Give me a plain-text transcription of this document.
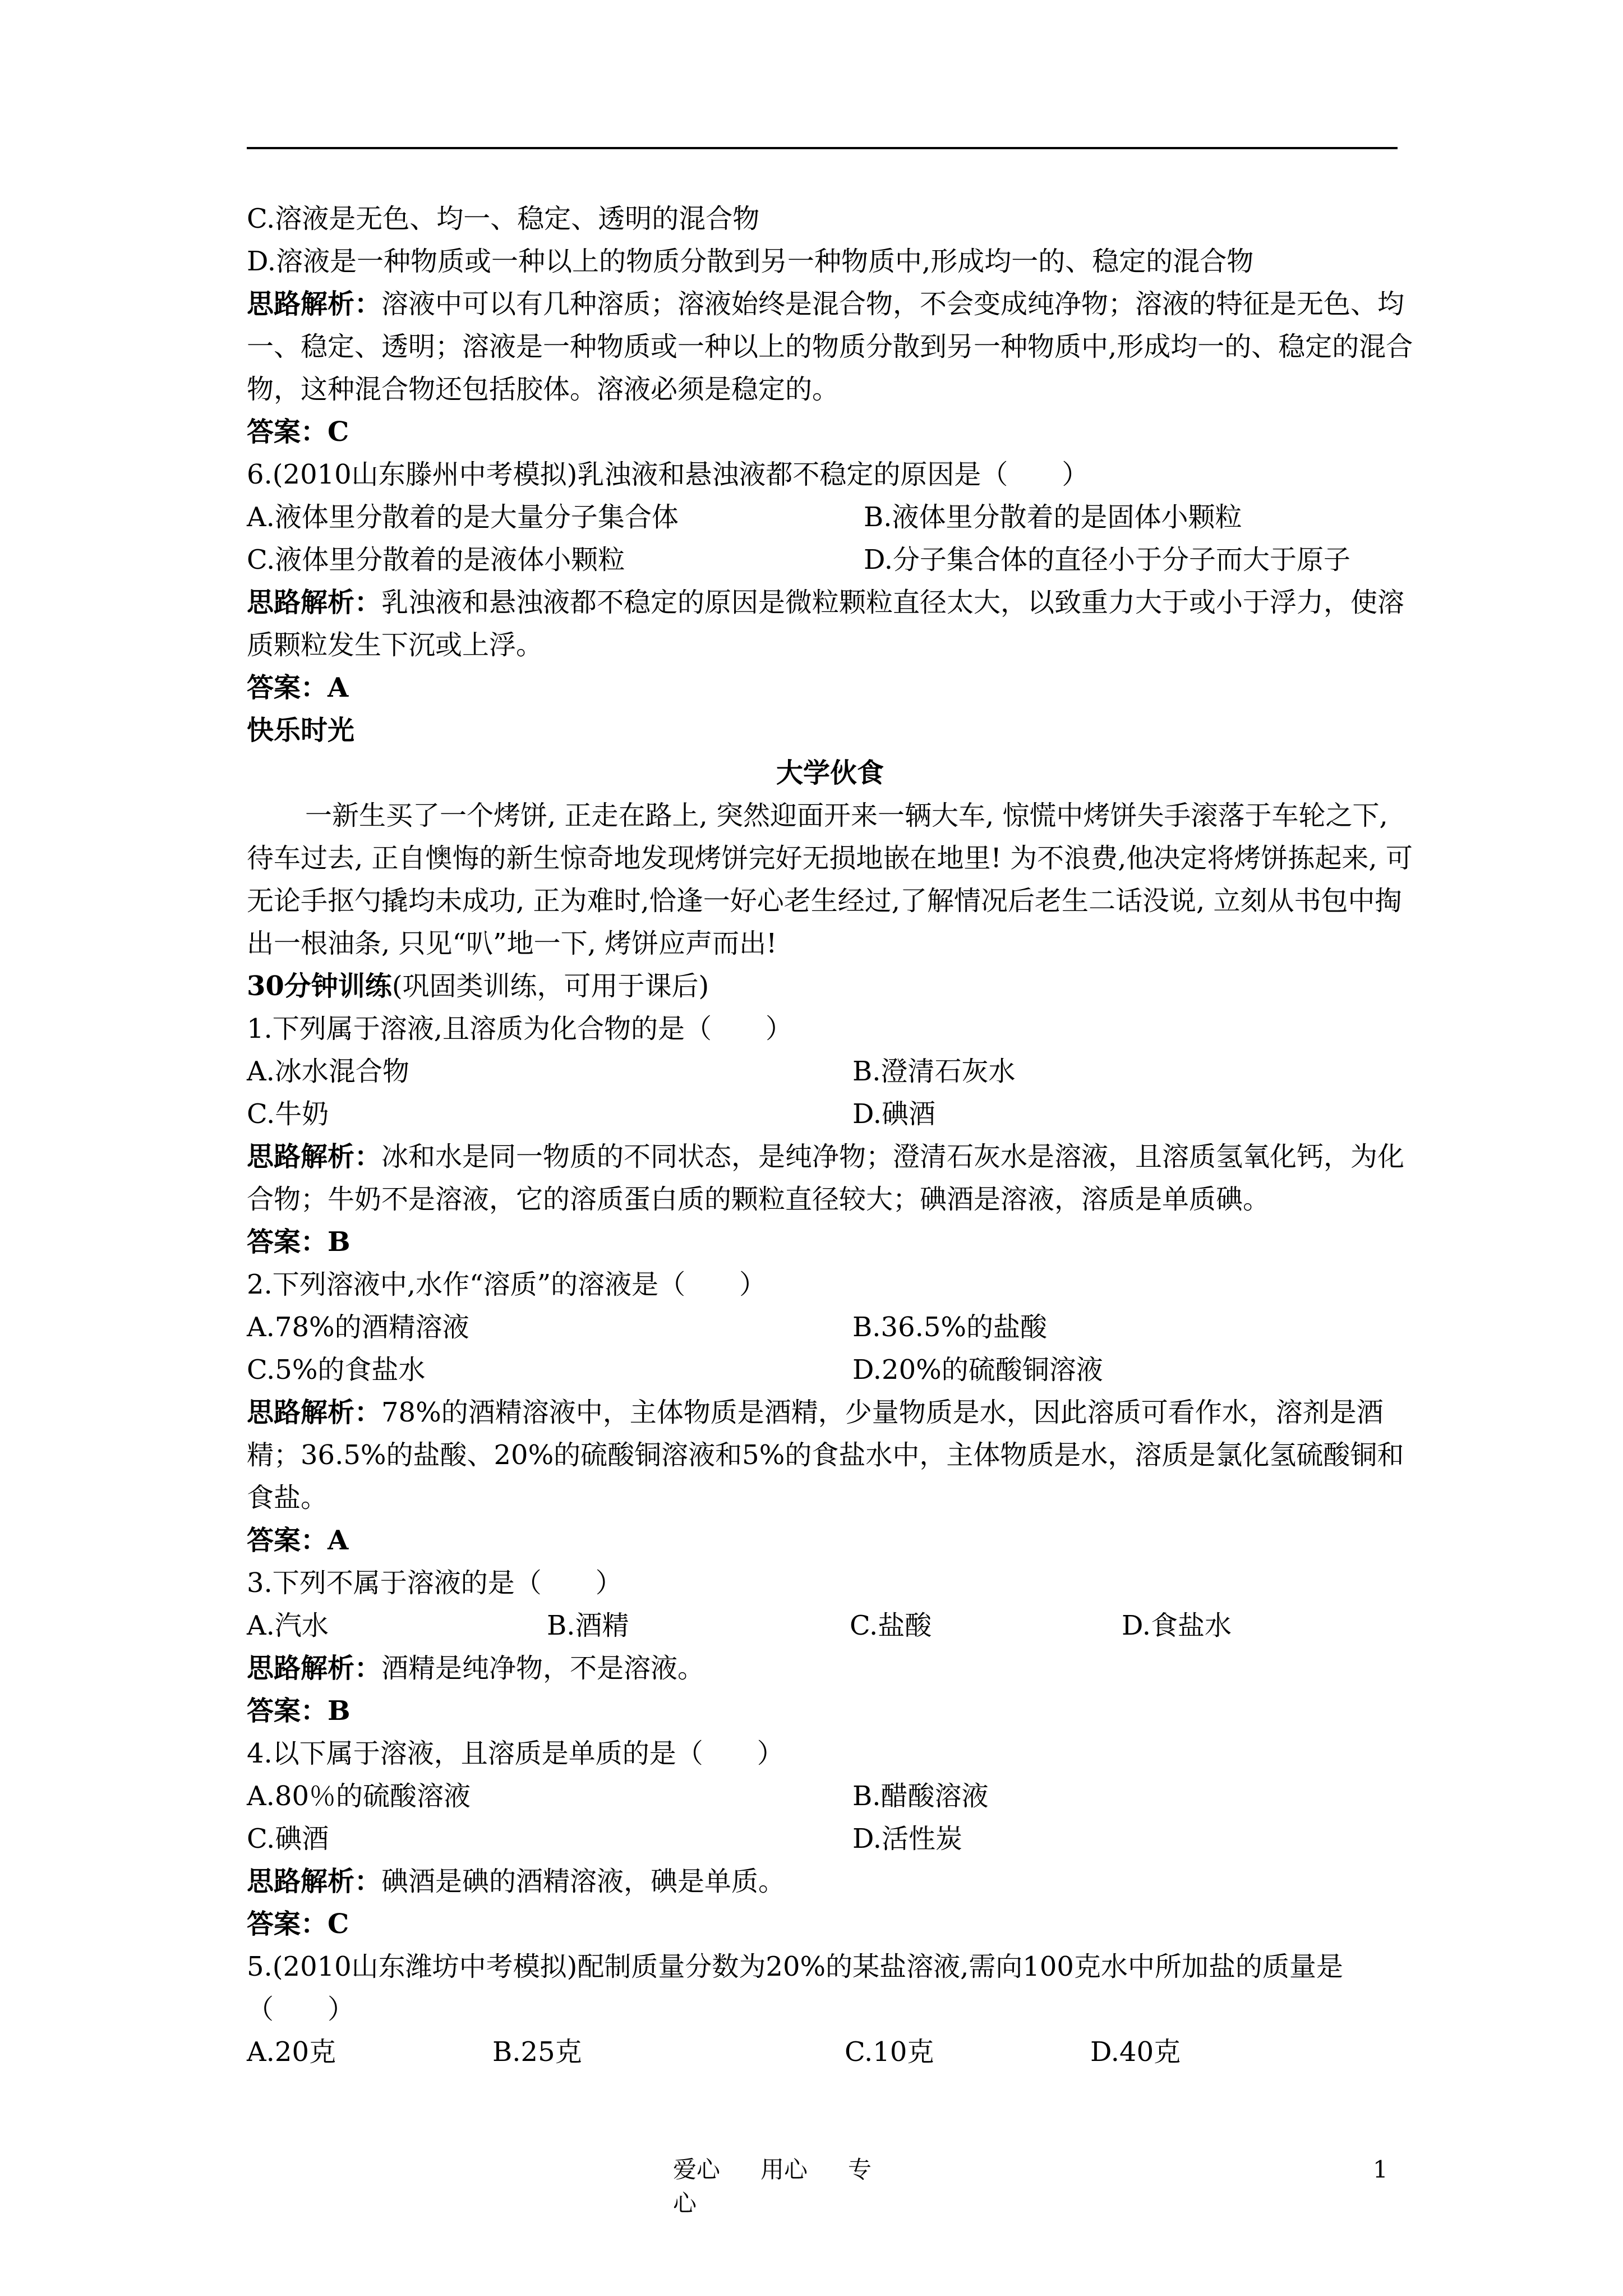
C.溶液是无色、均一、稳定、透明的混合物
D.溶液是一种物质或一种以上的物质分散到另一种物质中,形成均一的、稳定的混合物
思路解析：溶液中可以有几种溶质；溶液始终是混合物，不会变成纯净物；溶液的特征是无色、均一、稳定、透明；溶液是一种物质或一种以上的物质分散到另一种物质中,形成均一的、稳定的混合物，这种混合物还包括胶体。溶液必须是稳定的。
答案：C
6.(2010山东滕州中考模拟)乳浊液和悬浊液都不稳定的原因是（　　）
A.液体里分散着的是大量分子集合体	B.液体里分散着的是固体小颗粒
C.液体里分散着的是液体小颗粒	D.分子集合体的直径小于分子而大于原子
思路解析：乳浊液和悬浊液都不稳定的原因是微粒颗粒直径太大，以致重力大于或小于浮力，使溶质颗粒发生下沉或上浮。
答案：A
快乐时光
大学伙食
一新生买了一个烤饼, 正走在路上, 突然迎面开来一辆大车, 惊慌中烤饼失手滚落于车轮之下, 待车过去, 正自懊悔的新生惊奇地发现烤饼完好无损地嵌在地里! 为不浪费,他决定将烤饼拣起来, 可无论手抠勺撬均未成功, 正为难时,恰逢一好心老生经过,了解情况后老生二话没说, 立刻从书包中掏出一根油条, 只见“叭”地一下, 烤饼应声而出!
30分钟训练(巩固类训练，可用于课后)
1.下列属于溶液,且溶质为化合物的是（　　）
A.冰水混合物	B.澄清石灰水
C.牛奶	D.碘酒
思路解析：冰和水是同一物质的不同状态，是纯净物；澄清石灰水是溶液，且溶质氢氧化钙，为化合物；牛奶不是溶液，它的溶质蛋白质的颗粒直径较大；碘酒是溶液，溶质是单质碘。
答案：B
2.下列溶液中,水作“溶质”的溶液是（　　）
A.78%的酒精溶液	B.36.5%的盐酸
C.5%的食盐水	D.20%的硫酸铜溶液
思路解析：78%的酒精溶液中，主体物质是酒精，少量物质是水，因此溶质可看作水，溶剂是酒精；36.5%的盐酸、20%的硫酸铜溶液和5%的食盐水中，主体物质是水，溶质是氯化氢硫酸铜和食盐。
答案：A
3.下列不属于溶液的是（　　）
A.汽水	B.酒精	C.盐酸	D.食盐水
思路解析：酒精是纯净物，不是溶液。
答案：B
4.以下属于溶液，且溶质是单质的是（　　）
A.80％的硫酸溶液	B.醋酸溶液
C.碘酒	D.活性炭
思路解析：碘酒是碘的酒精溶液，碘是单质。
答案：C
5.(2010山东潍坊中考模拟)配制质量分数为20%的某盐溶液,需向100克水中所加盐的质量是（　　）
A.20克	B.25克	C.10克	D.40克
爱心 用心 专心
1
